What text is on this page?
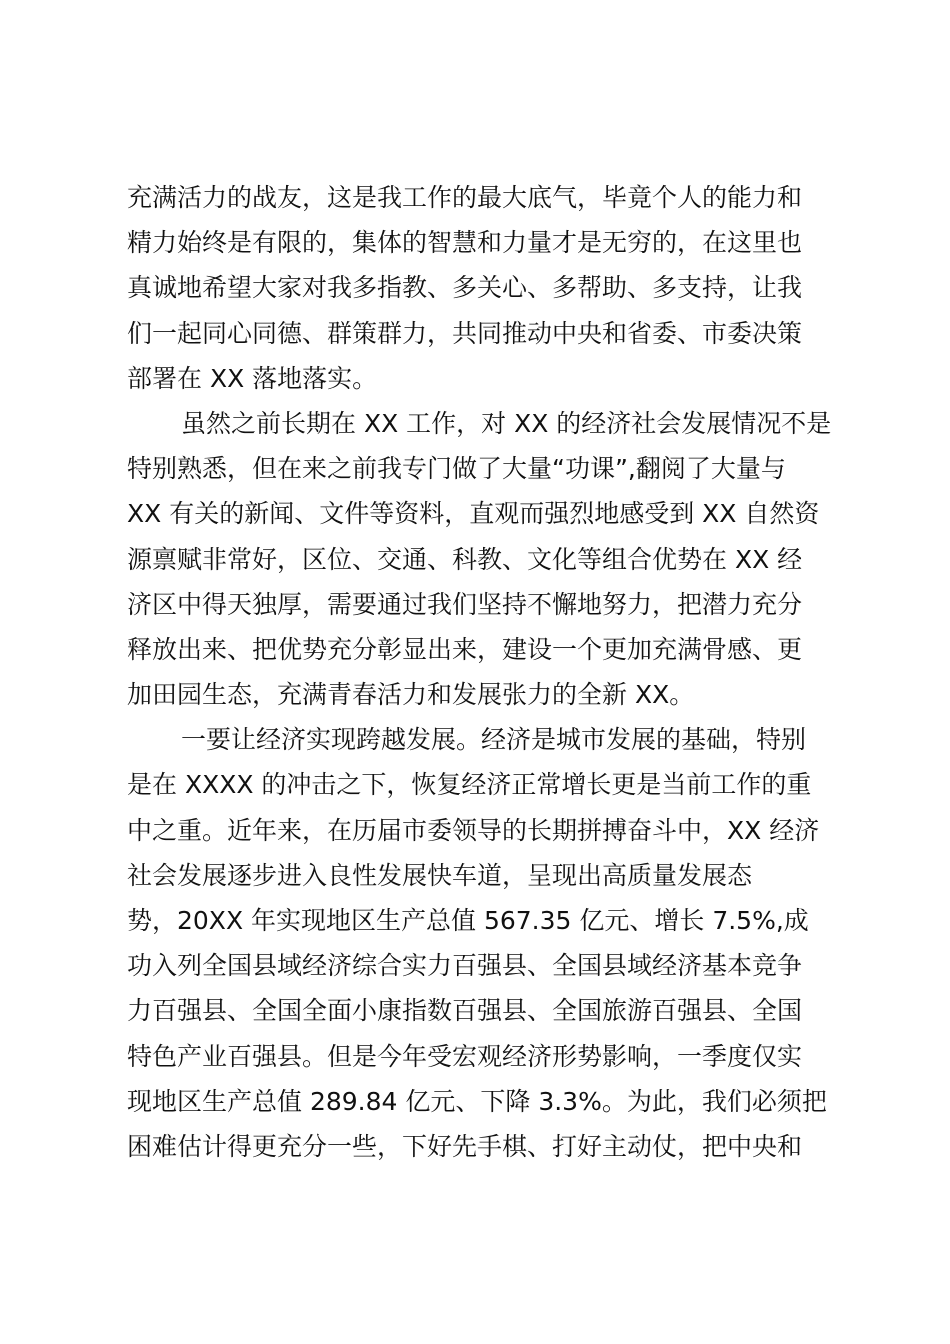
充满活力的战友，这是我工作的最大底气，毕竟个人的能力和
精力始终是有限的，集体的智慧和力量才是无穷的，在这里也
真诚地希望大家对我多指教、多关心、多帮助、多支持，让我
们一起同心同德、群策群力，共同推动中央和省委、市委决策
部署在 XX 落地落实。
虽然之前长期在 XX 工作，对 XX 的经济社会发展情况不是
特别熟悉，但在来之前我专门做了大量“功课”,翻阅了大量与
XX 有关的新闻、文件等资料，直观而强烈地感受到 XX 自然资
源禀赋非常好，区位、交通、科教、文化等组合优势在 XX 经
济区中得天独厚，需要通过我们坚持不懈地努力，把潜力充分
释放出来、把优势充分彰显出来，建设一个更加充满骨感、更
加田园生态，充满青春活力和发展张力的全新 XX。
一要让经济实现跨越发展。经济是城市发展的基础，特别
是在 XXXX 的冲击之下，恢复经济正常增长更是当前工作的重
中之重。近年来，在历届市委领导的长期拼搏奋斗中，XX 经济
社会发展逐步进入良性发展快车道，呈现出高质量发展态
势，20XX 年实现地区生产总值 567.35 亿元、增长 7.5%,成
功入列全国县域经济综合实力百强县、全国县域经济基本竞争
力百强县、全国全面小康指数百强县、全国旅游百强县、全国
特色产业百强县。但是今年受宏观经济形势影响，一季度仅实
现地区生产总值 289.84 亿元、下降 3.3%。为此，我们必须把
困难估计得更充分一些，下好先手棋、打好主动仗，把中央和
